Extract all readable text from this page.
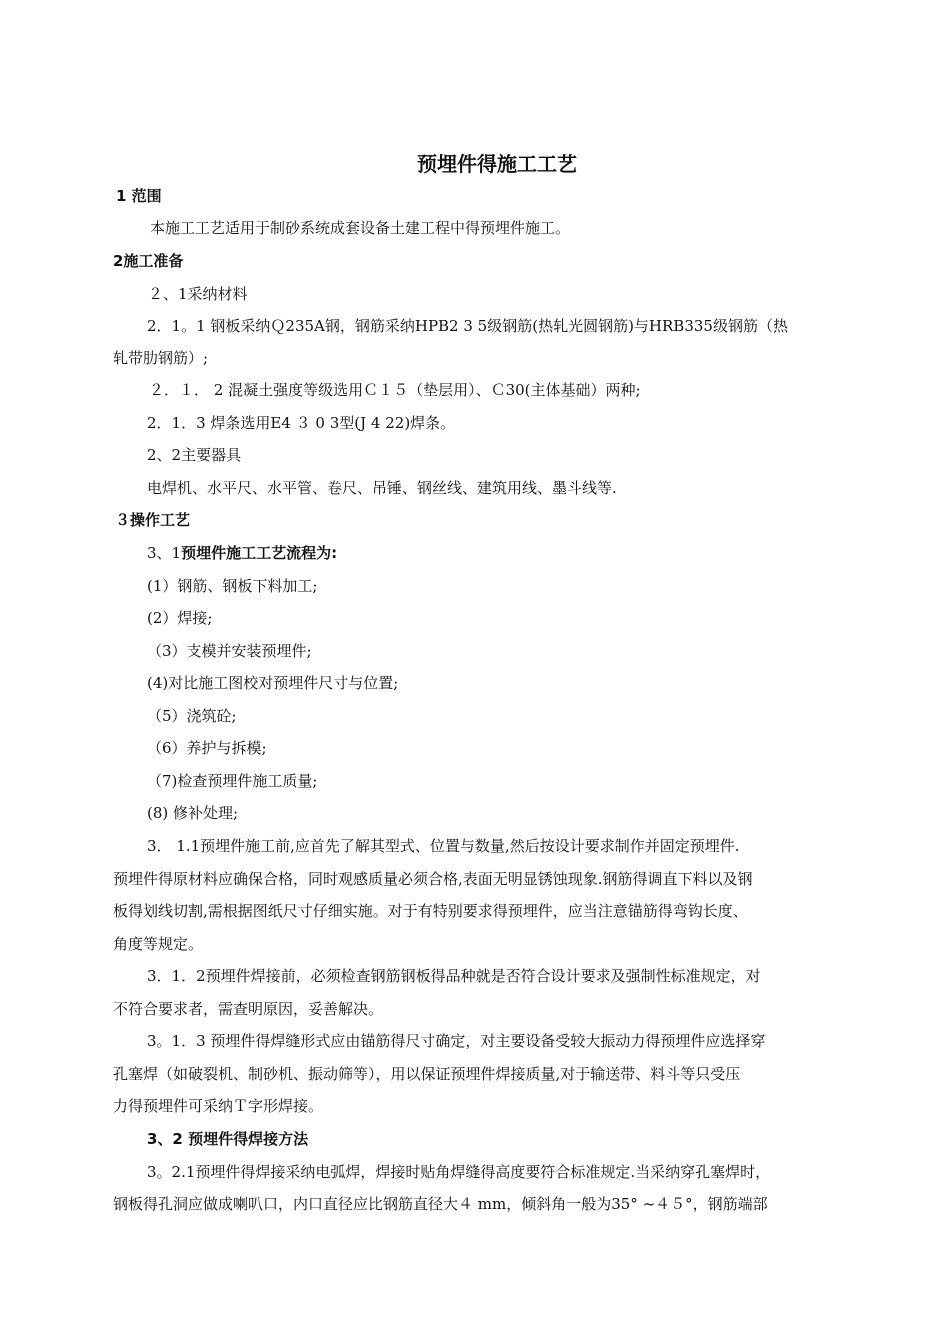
预埋件得施工工艺
1 范围
本施工工艺适用于制砂系统成套设备土建工程中得预埋件施工。
2施工准备
２、1采纳材料
2．1。1 钢板采纳Ｑ235A钢，钢筋采纳HPB2 3 5级钢筋(热轧光圆钢筋)与HRB335级钢筋（热
轧带肋钢筋）;
２．１． 2 混凝土强度等级选用Ｃ１５（垫层用）、Ｃ30(主体基础）两种;
2．1．3 焊条选用E4 ３ 0 3型(J 4 22)焊条。
2、2主要器具
电焊机、水平尺、水平管、卷尺、吊锤、钢丝线、建筑用线、墨斗线等.
３操作工艺
3、1预埋件施工工艺流程为:
(1）钢筋、钢板下料加工;
(2）焊接;
（3）支模并安装预埋件;
(4)对比施工图校对预埋件尺寸与位置;
（5）浇筑砼;
（6）养护与拆模;
（7)检查预埋件施工质量;
(8) 修补处理;
3． 1.1预埋件施工前,应首先了解其型式、位置与数量,然后按设计要求制作并固定预埋件.
预埋件得原材料应确保合格，同时观感质量必须合格,表面无明显锈蚀现象.钢筋得调直下料以及钢
板得划线切割,需根据图纸尺寸仔细实施。对于有特别要求得预埋件，应当注意锚筋得弯钩长度、
角度等规定。
3．1．2预埋件焊接前，必须检查钢筋钢板得品种就是否符合设计要求及强制性标准规定，对
不符合要求者，需查明原因，妥善解决。
3。1．3 预埋件得焊缝形式应由锚筋得尺寸确定，对主要设备受较大振动力得预埋件应选择穿
孔塞焊（如破裂机、制砂机、振动筛等），用以保证预埋件焊接质量,对于输送带、料斗等只受压
力得预埋件可采纳Ｔ字形焊接。
3、2 预埋件得焊接方法
3。2.1预埋件得焊接采纳电弧焊，焊接时贴角焊缝得高度要符合标准规定.当采纳穿孔塞焊时，
钢板得孔洞应做成喇叭口，内口直径应比钢筋直径大４ mm，倾斜角一般为35° ~４５°，钢筋端部
